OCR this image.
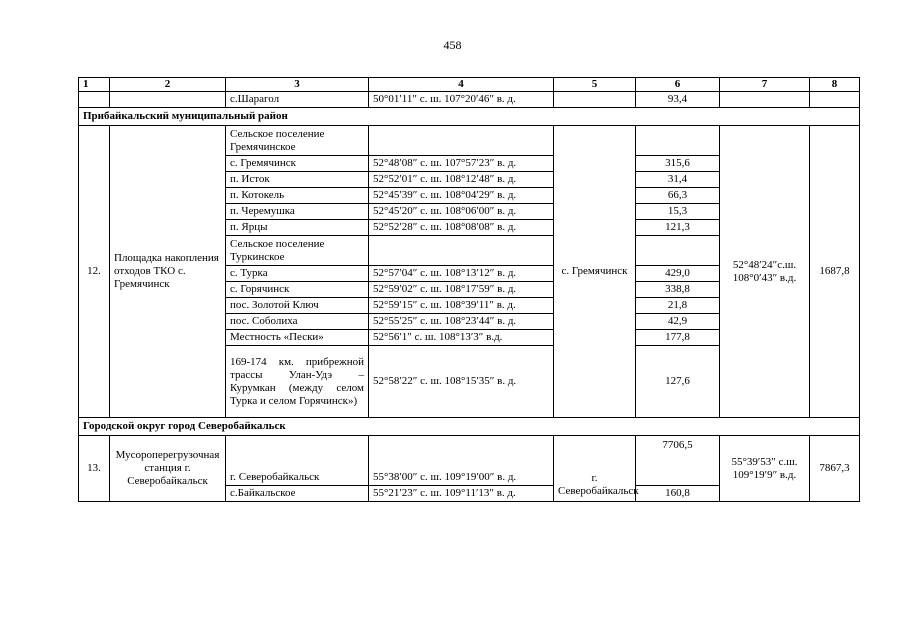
458
1	2	3	4	5	6	7	8
		с.Шарагол	50°01′11″ с. ш. 107°20′46″ в. д.		93,4		
Прибайкальский муниципальный район							
12.	Площадка накопления отходов ТКО с. Гремячинск	Сельское поселение Гремячинское		с. Гремячинск		52°48′24″с.ш. 108°0′43″ в.д.	1687,8
		с. Гремячинск	52°48′08″ с. ш. 107°57′23″ в. д.		315,6		
		п. Исток	52°52′01″ с. ш. 108°12′48″ в. д.		31,4		
		п. Котокель	52°45′39″ с. ш. 108°04′29″ в. д.		66,3		
		п. Черемушка	52°45′20″ с. ш. 108°06′00″ в. д.		15,3		
		п. Ярцы	52°52′28″ с. ш. 108°08′08″ в. д.		121,3		
		Сельское поселение Туркинское					
		с. Турка	52°57′04″ с. ш. 108°13′12″ в. д.		429,0		
		с. Горячинск	52°59′02″ с. ш. 108°17′59″ в. д.		338,8		
		пос. Золотой Ключ	52°59′15″ с. ш. 108°39′11″ в. д.		21,8		
		пос. Соболиха	52°55′25″ с. ш. 108°23′44″ в. д.		42,9		
		Местность «Пески»	52°56′1″ с. ш. 108°13′3″ в.д.		177,8		
		169-174 км. прибрежной трассы Улан-Удэ – Курумкан (между селом Турка и селом Горячинск»)	52°58′22″ с. ш. 108°15′35″ в. д.		127,6		
Городской округ город Северобайкальск							
13.	Мусороперегрузочная станция г. Северобайкальск				7706,5	55°39′53″ с.ш. 109°19′9″ в.д.	7867,3
		г. Северобайкальск	55°38′00″ с. ш. 109°19′00″ в. д.	г. Северобайкальск			
		с.Байкальское	55°21′23″ с. ш. 109°11′13″ в. д.		160,8		
